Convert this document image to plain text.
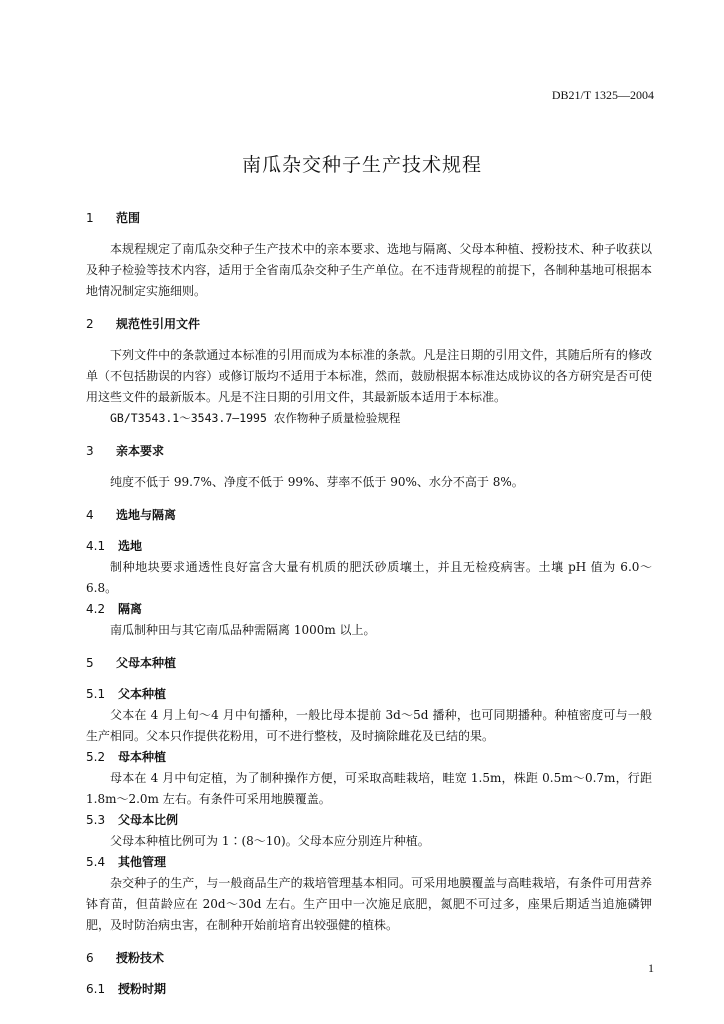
DB21/T 1325—2004
南瓜杂交种子生产技术规程
1 范围

本规程规定了南瓜杂交种子生产技术中的亲本要求、选地与隔离、父母本种植、授粉技术、种子收获以及种子检验等技术内容，适用于全省南瓜杂交种子生产单位。在不违背规程的前提下，各制种基地可根据本地情况制定实施细则。

2 规范性引用文件

下列文件中的条款通过本标准的引用而成为本标准的条款。凡是注日期的引用文件，其随后所有的修改单（不包括勘误的内容）或修订版均不适用于本标准，然而，鼓励根据本标准达成协议的各方研究是否可使用这些文件的最新版本。凡是不注日期的引用文件，其最新版本适用于本标准。

GB/T3543.1～3543.7—1995 农作物种子质量检验规程

3 亲本要求

纯度不低于 99.7%、净度不低于 99%、芽率不低于 90%、水分不高于 8%。

4 选地与隔离
4.1 选地

制种地块要求通透性良好富含大量有机质的肥沃砂质壤土，并且无检疫病害。土壤 pH 值为 6.0～6.8。

4.2 隔离

南瓜制种田与其它南瓜品种需隔离 1000m 以上。

5 父母本种植
5.1 父本种植

父本在 4 月上旬～4 月中旬播种，一般比母本提前 3d～5d 播种，也可同期播种。种植密度可与一般生产相同。父本只作提供花粉用，可不进行整枝，及时摘除雌花及已结的果。

5.2 母本种植

母本在 4 月中旬定植，为了制种操作方便，可采取高畦栽培，畦宽 1.5m，株距 0.5m～0.7m，行距 1.8m～2.0m 左右。有条件可采用地膜覆盖。

5.3 父母本比例

父母本种植比例可为 1∶(8～10)。父母本应分别连片种植。

5.4 其他管理

杂交种子的生产，与一般商品生产的栽培管理基本相同。可采用地膜覆盖与高畦栽培，有条件可用营养钵育苗，但苗龄应在 20d～30d 左右。生产田中一次施足底肥，氮肥不可过多，座果后期适当追施磷钾肥，及时防治病虫害，在制种开始前培育出较强健的植株。

6 授粉技术
6.1 授粉时期
1
